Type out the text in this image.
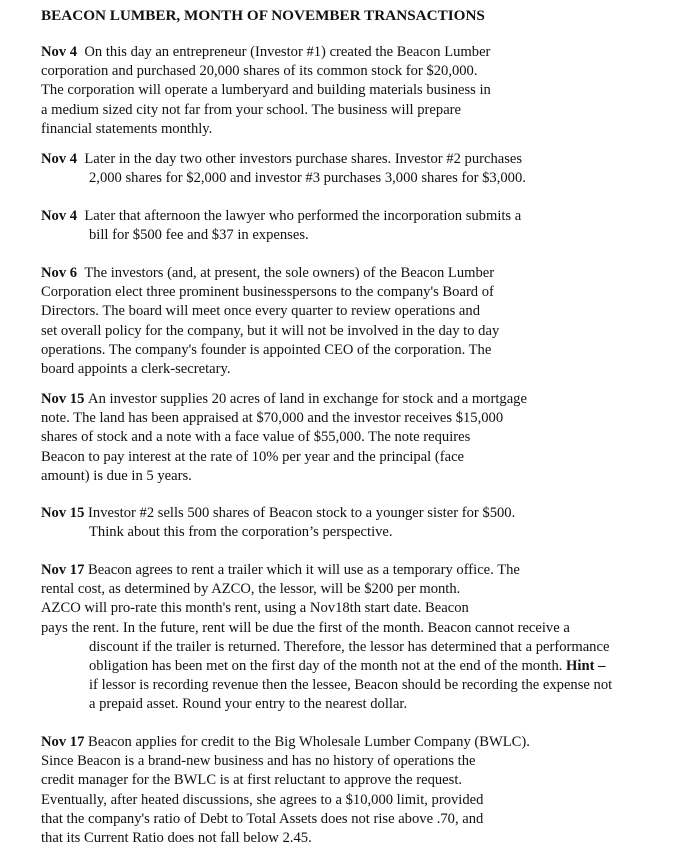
BEACON LUMBER, MONTH OF NOVEMBER TRANSACTIONS
Nov 4 On this day an entrepreneur (Investor #1) created the Beacon Lumber
corporation and purchased 20,000 shares of its common stock for $20,000.
The corporation will operate a lumberyard and building materials business in
a medium sized city not far from your school. The business will prepare
financial statements monthly.
Nov 4 Later in the day two other investors purchase shares. Investor #2 purchases
2,000 shares for $2,000 and investor #3 purchases 3,000 shares for $3,000.
Nov 4 Later that afternoon the lawyer who performed the incorporation submits a
bill for $500 fee and $37 in expenses.
Nov 6 The investors (and, at present, the sole owners) of the Beacon Lumber
Corporation elect three prominent businesspersons to the company's Board of
Directors. The board will meet once every quarter to review operations and
set overall policy for the company, but it will not be involved in the day to day
operations. The company's founder is appointed CEO of the corporation. The
board appoints a clerk-secretary.
Nov 15 An investor supplies 20 acres of land in exchange for stock and a mortgage
note. The land has been appraised at $70,000 and the investor receives $15,000
shares of stock and a note with a face value of $55,000. The note requires
Beacon to pay interest at the rate of 10% per year and the principal (face
amount) is due in 5 years.
Nov 15 Investor #2 sells 500 shares of Beacon stock to a younger sister for $500.
Think about this from the corporation’s perspective.
Nov 17 Beacon agrees to rent a trailer which it will use as a temporary office. The
rental cost, as determined by AZCO, the lessor, will be $200 per month.
AZCO will pro-rate this month's rent, using a Nov18th start date. Beacon
pays the rent. In the future, rent will be due the first of the month. Beacon cannot receive a
discount if the trailer is returned. Therefore, the lessor has determined that a performance
obligation has been met on the first day of the month not at the end of the month. Hint –
if lessor is recording revenue then the lessee, Beacon should be recording the expense not
a prepaid asset. Round your entry to the nearest dollar.
Nov 17 Beacon applies for credit to the Big Wholesale Lumber Company (BWLC).
Since Beacon is a brand-new business and has no history of operations the
credit manager for the BWLC is at first reluctant to approve the request.
Eventually, after heated discussions, she agrees to a $10,000 limit, provided
that the company's ratio of Debt to Total Assets does not rise above .70, and
that its Current Ratio does not fall below 2.45.
